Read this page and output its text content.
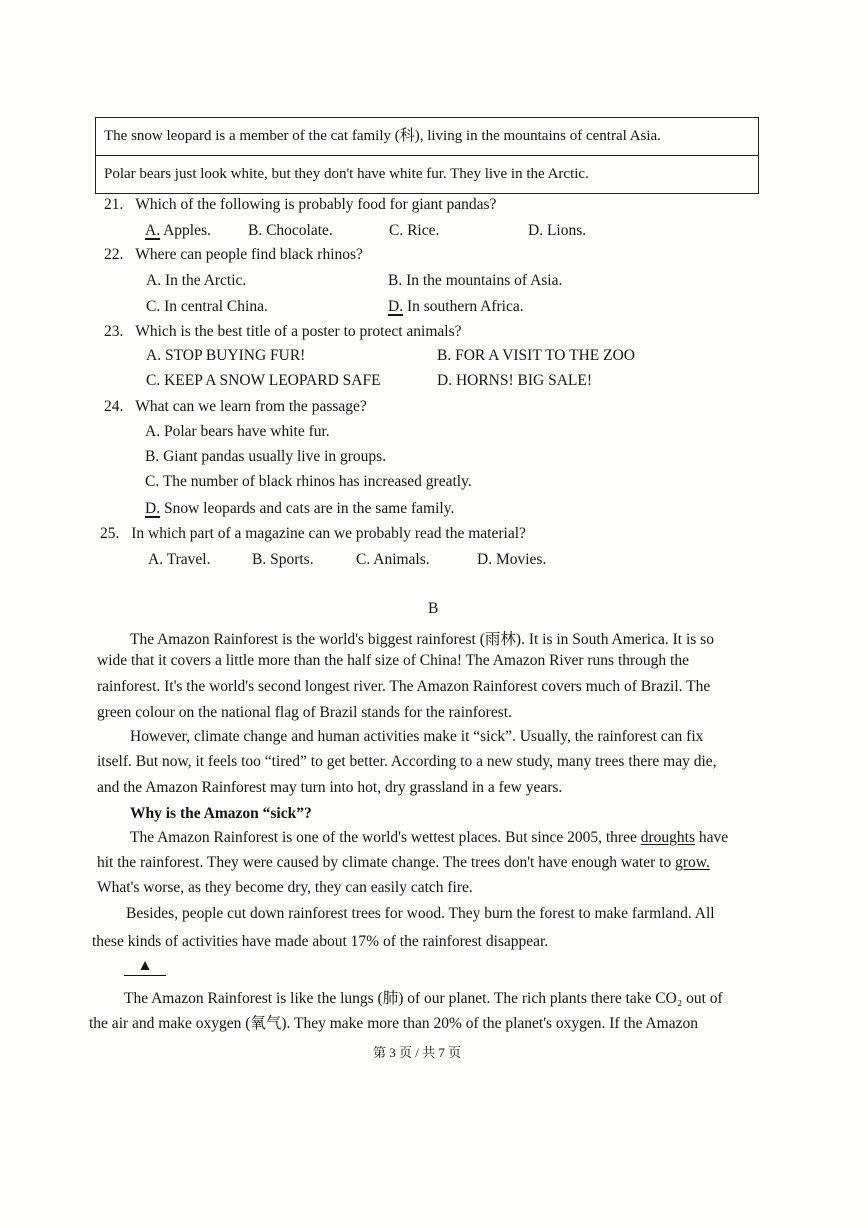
The snow leopard is a member of the cat family (科), living in the mountains of central Asia.
Polar bears just look white, but they don't have white fur. They live in the Arctic.
21. Which of the following is probably food for giant pandas?
A. Apples. B. Chocolate.	C. Rice.	D. Lions.
22. Where can people find black rhinos?
A. In the Arctic.	B. In the mountains of Asia.
C. In central China.	D. In southern Africa.
23. Which is the best title of a poster to protect animals?
A. STOP BUYING FUR!	B. FOR A VISIT TO THE ZOO
C. KEEP A SNOW LEOPARD SAFE	D. HORNS! BIG SALE!
24. What can we learn from the passage?
A. Polar bears have white fur.
B. Giant pandas usually live in groups.
C. The number of black rhinos has increased greatly.
D. Snow leopards and cats are in the same family.
25. In which part of a magazine can we probably read the material?
A. Travel.	B. Sports.	C. Animals.	D. Movies.
B
The Amazon Rainforest is the world's biggest rainforest (雨林). It is in South America. It is so
wide that it covers a little more than the half size of China! The Amazon River runs through the
rainforest. It's the world's second longest river. The Amazon Rainforest covers much of Brazil. The
green colour on the national flag of Brazil stands for the rainforest.
However, climate change and human activities make it “sick”. Usually, the rainforest can fix
itself. But now, it feels too “tired” to get better. According to a new study, many trees there may die,
and the Amazon Rainforest may turn into hot, dry grassland in a few years.
Why is the Amazon “sick”?
The Amazon Rainforest is one of the world's wettest places. But since 2005, three droughts have
hit the rainforest. They were caused by climate change. The trees don't have enough water to grow.
What's worse, as they become dry, they can easily catch fire.
Besides, people cut down rainforest trees for wood. They burn the forest to make farmland. All
these kinds of activities have made about 17% of the rainforest disappear.
▲
The Amazon Rainforest is like the lungs (肺) of our planet. The rich plants there take CO₂ out of
the air and make oxygen (氧气). They make more than 20% of the planet's oxygen. If the Amazon
第 3 页 / 共 7 页
